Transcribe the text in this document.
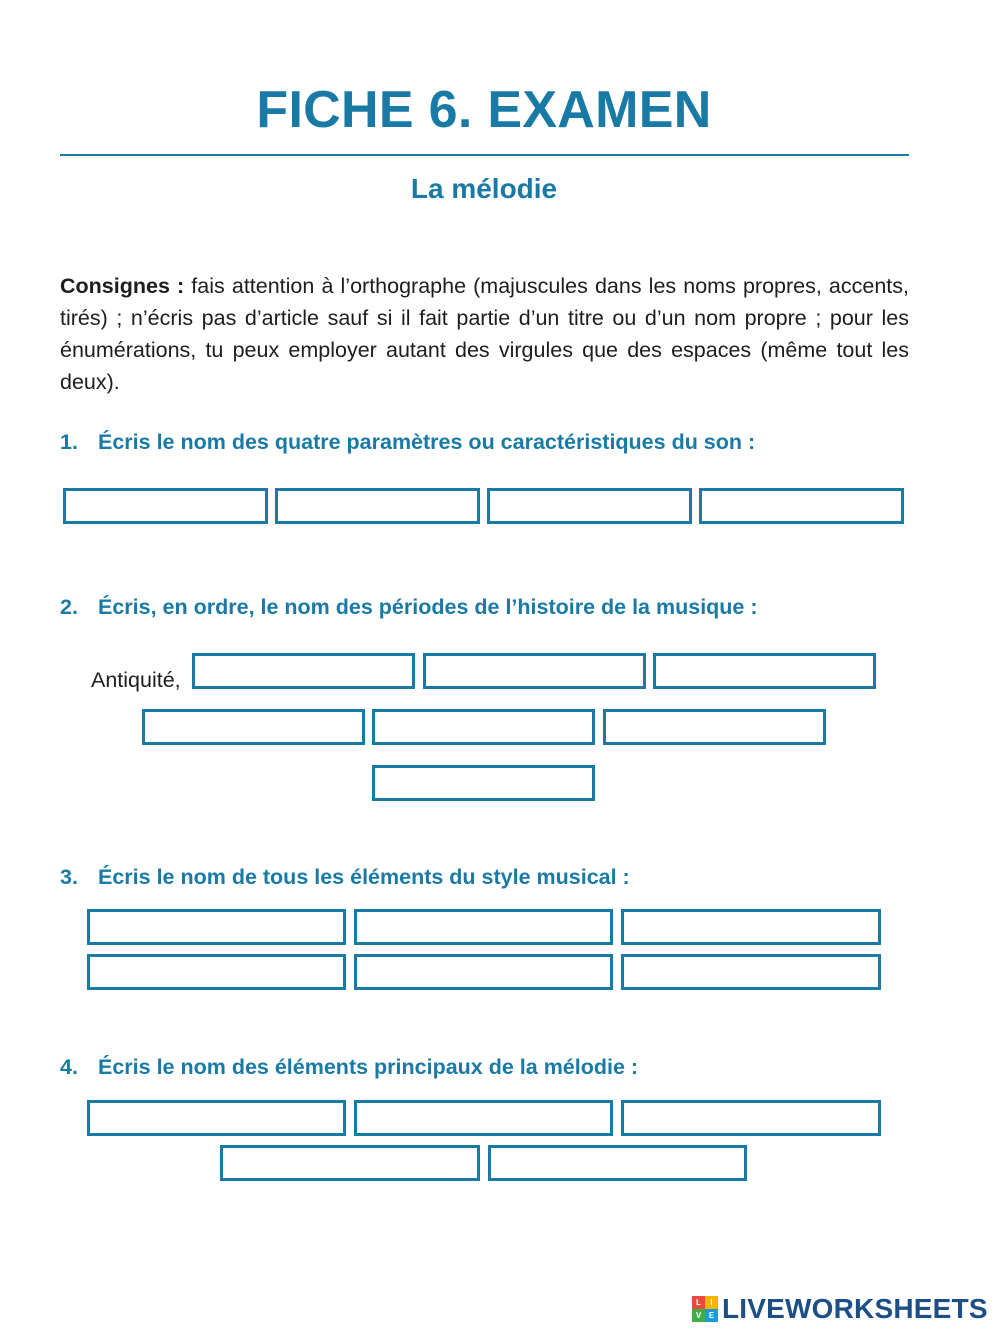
FICHE 6. EXAMEN
La mélodie
Consignes : fais attention à l’orthographe (majuscules dans les noms propres, accents, tirés) ; n’écris pas d’article sauf si il fait partie d’un titre ou d’un nom propre ; pour les énumérations, tu peux employer autant des virgules que des espaces (même tout les deux).
1. Écris le nom des quatre paramètres ou caractéristiques du son :
2. Écris, en ordre, le nom des périodes de l’histoire de la musique :
Antiquité,
3. Écris le nom de tous les éléments du style musical :
4. Écris le nom des éléments principaux de la mélodie :
L	I
V E LIVEWORKSHEETS
